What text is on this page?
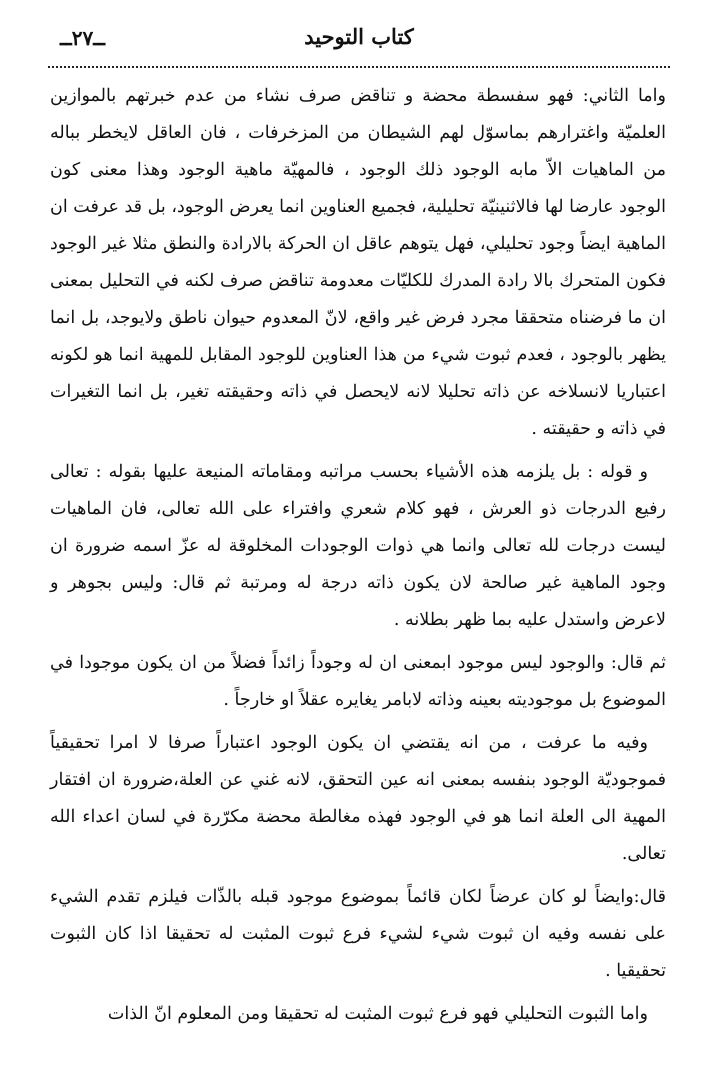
كتاب التوحيد
ــ٢٧ــ

واما الثاني: فهو سفسطة محضة و تناقض صرف نشاء من عدم خبرتهم بالموازين العلميّة واغترارهم بماسوّل لهم الشيطان من المزخرفات ، فان العاقل لايخطر بباله من الماهيات الاّ مابه الوجود ذلك الوجود ، فالمهيّة ماهية الوجود وهذا معنى كون الوجود عارضا لها فالاثنينيّة تحليلية، فجميع العناوين انما يعرض الوجود، بل قد عرفت ان الماهية ايضاً وجود تحليلي، فهل يتوهم عاقل ان الحركة بالارادة والنطق مثلا غير الوجود فكون المتحرك بالا رادة المدرك للكليّات معدومة تناقض صرف لكنه في التحليل بمعنى ان ما فرضناه متحققا مجرد فرض غير واقع، لانّ المعدوم حيوان ناطق ولايوجد، بل انما يظهر بالوجود ، فعدم ثبوت شيء من هذا العناوين للوجود المقابل للمهية انما هو لكونه اعتباريا لانسلاخه عن ذاته تحليلا لانه لايحصل في ذاته وحقيقته تغير، بل انما التغيرات في ذاته و حقيقته .

و قوله : بل يلزمه هذه الأشياء بحسب مراتبه ومقاماته المنيعة عليها بقوله : تعالى رفيع الدرجات ذو العرش ، فهو كلام شعري وافتراء على الله تعالى، فان الماهيات ليست درجات لله تعالى وانما هي ذوات الوجودات المخلوقة له عزّ اسمه ضرورة ان وجود الماهية غير صالحة لان يكون ذاته درجة له ومرتبة ثم قال: وليس بجوهر و لاعرض واستدل عليه بما ظهر بطلانه .

ثم قال: والوجود ليس موجود ابمعنى ان له وجوداً زائداً فضلاً من ان يكون موجودا في الموضوع بل موجوديته بعينه وذاته لابامر يغايره عقلاً او خارجاً .

وفيه ما عرفت ، من انه يقتضي ان يكون الوجود اعتباراً صرفا لا امرا تحقيقياً فموجوديّة الوجود بنفسه بمعنى انه عين التحقق، لانه غني عن العلة،ضرورة ان افتقار المهية الى العلة انما هو في الوجود فهذه مغالطة محضة مكرّرة في لسان اعداء الله تعالى.

قال:وايضاً لو كان عرضاً لكان قائماً بموضوع موجود قبله بالذّات فيلزم تقدم الشيء على نفسه وفيه ان ثبوت شيء لشيء فرع ثبوت المثبت له تحقيقا اذا كان الثبوت تحقيقيا .

واما الثبوت التحليلي فهو فرع ثبوت المثبت له تحقيقا ومن المعلوم انّ الذات
